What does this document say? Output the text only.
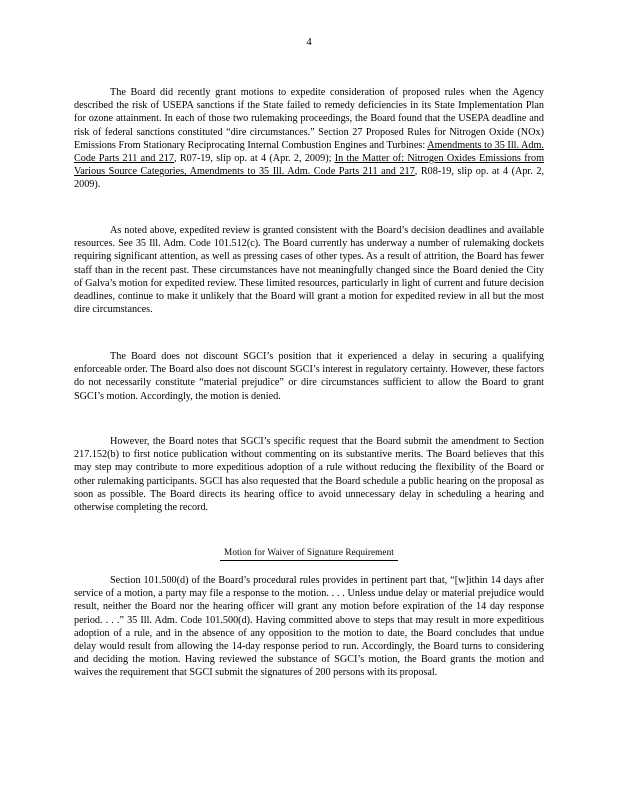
4

The Board did recently grant motions to expedite consideration of proposed rules when the Agency described the risk of USEPA sanctions if the State failed to remedy deficiencies in its State Implementation Plan for ozone attainment. In each of those two rulemaking proceedings, the Board found that the USEPA deadline and risk of federal sanctions constituted “dire circumstances.” Section 27 Proposed Rules for Nitrogen Oxide (NOx) Emissions From Stationary Reciprocating Internal Combustion Engines and Turbines: Amendments to 35 Ill. Adm. Code Parts 211 and 217, R07-19, slip op. at 4 (Apr. 2, 2009); In the Matter of: Nitrogen Oxides Emissions from Various Source Categories, Amendments to 35 Ill. Adm. Code Parts 211 and 217, R08-19, slip op. at 4 (Apr. 2, 2009).

As noted above, expedited review is granted consistent with the Board’s decision deadlines and available resources. See 35 Ill. Adm. Code 101.512(c). The Board currently has underway a number of rulemaking dockets requiring significant attention, as well as pressing cases of other types. As a result of attrition, the Board has fewer staff than in the recent past. These circumstances have not meaningfully changed since the Board denied the City of Galva’s motion for expedited review. These limited resources, particularly in light of current and future decision deadlines, continue to make it unlikely that the Board will grant a motion for expedited review in all but the most dire circumstances.

The Board does not discount SGCI’s position that it experienced a delay in securing a qualifying enforceable order. The Board also does not discount SGCI’s interest in regulatory certainty. However, these factors do not necessarily constitute “material prejudice” or dire circumstances sufficient to allow the Board to grant SGCI’s motion. Accordingly, the motion is denied.

However, the Board notes that SGCI’s specific request that the Board submit the amendment to Section 217.152(b) to first notice publication without commenting on its substantive merits. The Board believes that this may step may contribute to more expeditious adoption of a rule without reducing the flexibility of the Board or other rulemaking participants. SGCI has also requested that the Board schedule a public hearing on the proposal as soon as possible. The Board directs its hearing office to avoid unnecessary delay in scheduling a hearing and otherwise completing the record.

Motion for Waiver of Signature Requirement

Section 101.500(d) of the Board’s procedural rules provides in pertinent part that, “[w]ithin 14 days after service of a motion, a party may file a response to the motion. . . . Unless undue delay or material prejudice would result, neither the Board nor the hearing officer will grant any motion before expiration of the 14 day response period. . . .” 35 Ill. Adm. Code 101.500(d). Having committed above to steps that may result in more expeditious adoption of a rule, and in the absence of any opposition to the motion to date, the Board concludes that undue delay would result from allowing the 14-day response period to run. Accordingly, the Board turns to considering and deciding the motion. Having reviewed the substance of SGCI’s motion, the Board grants the motion and waives the requirement that SGCI submit the signatures of 200 persons with its proposal.
